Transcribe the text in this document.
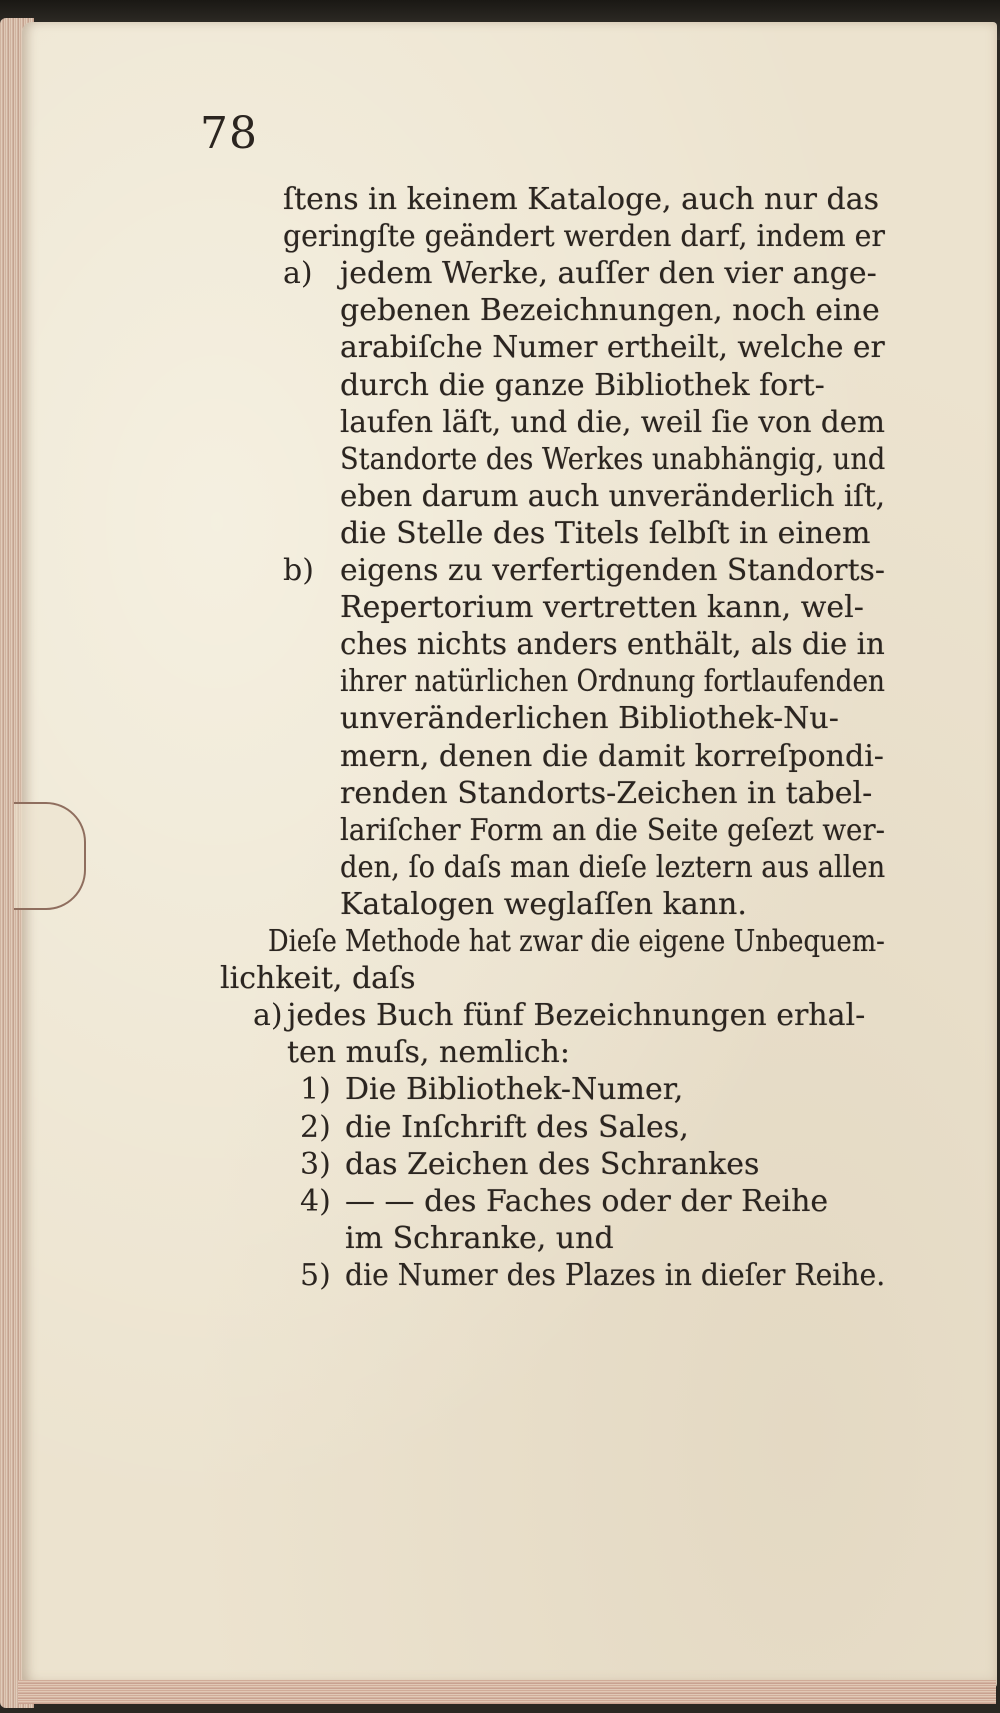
78
ſtens in keinem Kataloge, auch nur das
geringſte geändert werden darf, indem er
a) jedem Werke, auſſer den vier ange-
gebenen Bezeichnungen, noch eine
arabiſche Numer ertheilt, welche er
durch die ganze Bibliothek fort-
laufen läſt, und die, weil ſie von dem
Standorte des Werkes unabhängig, und
eben darum auch unveränderlich iſt,
die Stelle des Titels ſelbſt in einem
b) eigens zu verfertigenden Standorts-
Repertorium vertretten kann, wel-
ches nichts anders enthält, als die in
ihrer natürlichen Ordnung fortlaufenden
unveränderlichen Bibliothek-Nu-
mern, denen die damit korreſpondi-
renden Standorts-Zeichen in tabel-
lariſcher Form an die Seite geſezt wer-
den, ſo daſs man dieſe leztern aus allen
Katalogen weglaſſen kann.
Dieſe Methode hat zwar die eigene Unbequem-
lichkeit, daſs
a) jedes Buch fünf Bezeichnungen erhal-
ten muſs, nemlich:
1) Die Bibliothek-Numer,
2) die Inſchrift des Sales,
3) das Zeichen des Schrankes
4) — — des Faches oder der Reihe
im Schranke, und
5) die Numer des Plazes in dieſer Reihe.
